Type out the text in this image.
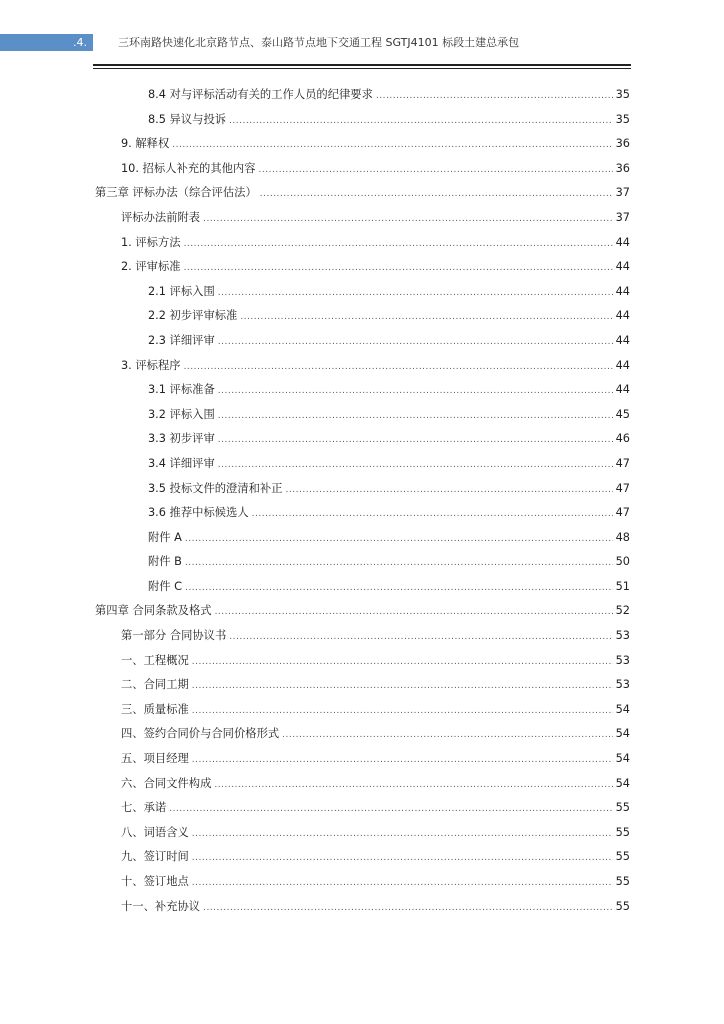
.4.	三环南路快速化北京路节点、泰山路节点地下交通工程 SGTJ4101 标段土建总承包
8.4 对与评标活动有关的工作人员的纪律要求 .....	35
8.5 异议与投诉 .....	35
9. 解释权 .....	36
10. 招标人补充的其他内容 .....	36
第三章 评标办法（综合评估法） .....	37
评标办法前附表 .....	37
1. 评标方法 .....	44
2. 评审标准 .....	44
2.1 评标入围 .....	44
2.2 初步评审标准 .....	44
2.3 详细评审 .....	44
3. 评标程序 .....	44
3.1 评标准备 .....	44
3.2 评标入围 .....	45
3.3 初步评审 .....	46
3.4 详细评审 .....	47
3.5 投标文件的澄清和补正 .....	47
3.6 推荐中标候选人 .....	47
附件 A .....	48
附件 B .....	50
附件 C .....	51
第四章 合同条款及格式 .....	52
第一部分 合同协议书 .....	53
一、工程概况 .....	53
二、合同工期 .....	53
三、质量标准 .....	54
四、签约合同价与合同价格形式 .....	54
五、项目经理 .....	54
六、合同文件构成 .....	54
七、承诺 .....	55
八、词语含义 .....	55
九、签订时间 .....	55
十、签订地点 .....	55
十一、补充协议 .....	55
